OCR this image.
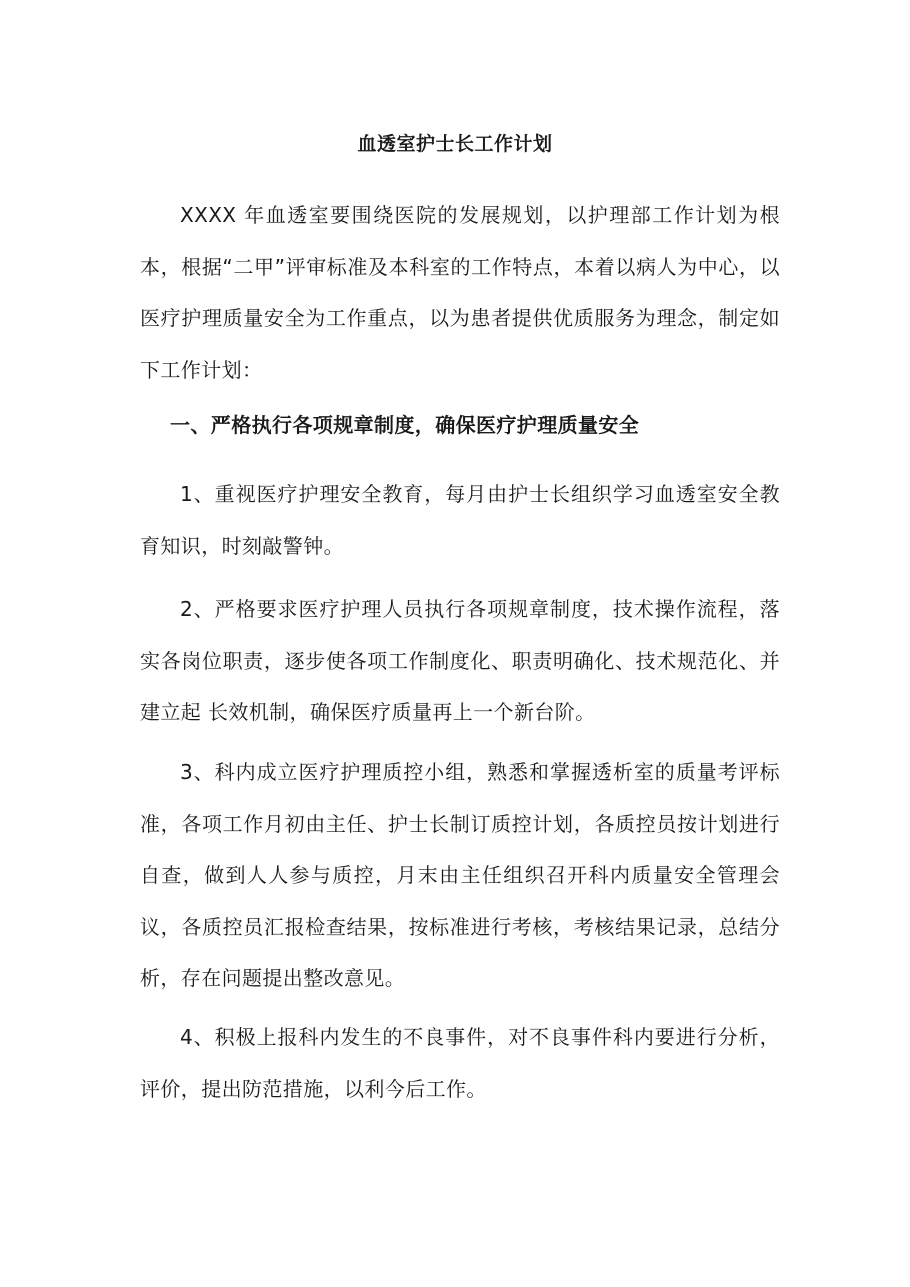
血透室护士长工作计划
XXXX 年血透室要围绕医院的发展规划，以护理部工作计划为根本，根据“二甲”评审标准及本科室的工作特点，本着以病人为中心，以医疗护理质量安全为工作重点，以为患者提供优质服务为理念，制定如下工作计划：
一、严格执行各项规章制度，确保医疗护理质量安全
1、重视医疗护理安全教育，每月由护士长组织学习血透室安全教育知识，时刻敲警钟。
2、严格要求医疗护理人员执行各项规章制度，技术操作流程，落实各岗位职责，逐步使各项工作制度化、职责明确化、技术规范化、并建立起 长效机制，确保医疗质量再上一个新台阶。
3、科内成立医疗护理质控小组，熟悉和掌握透析室的质量考评标准，各项工作月初由主任、护士长制订质控计划，各质控员按计划进行自查，做到人人参与质控，月末由主任组织召开科内质量安全管理会议，各质控员汇报检查结果，按标准进行考核，考核结果记录，总结分析，存在问题提出整改意见。
4、积极上报科内发生的不良事件，对不良事件科内要进行分析，评价，提出防范措施，以利今后工作。
